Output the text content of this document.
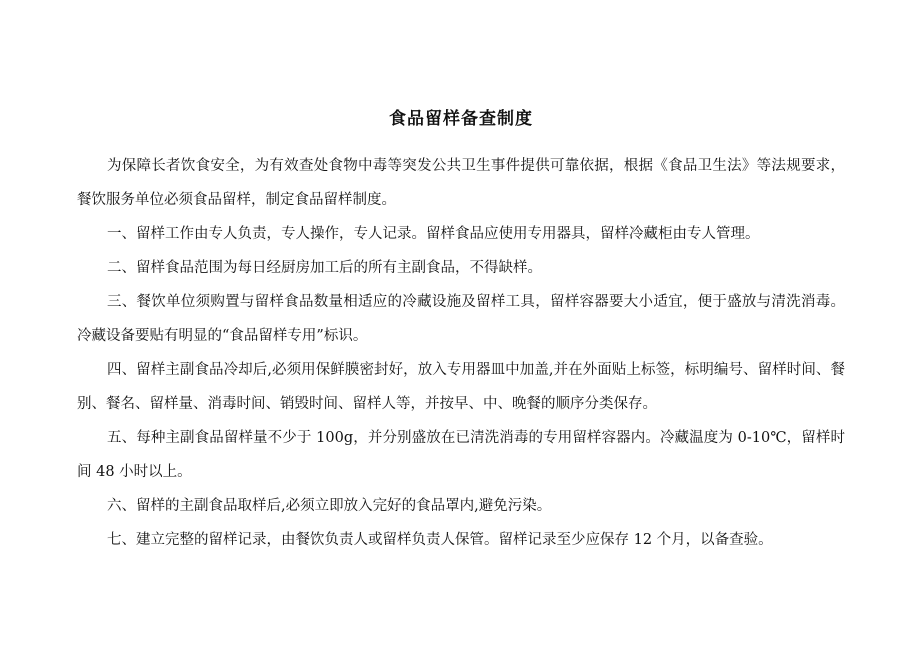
食品留样备查制度

为保障长者饮食安全，为有效查处食物中毒等突发公共卫生事件提供可靠依据，根据《食品卫生法》等法规要求，餐饮服务单位必须食品留样，制定食品留样制度。

一、留样工作由专人负责，专人操作，专人记录。留样食品应使用专用器具，留样冷藏柜由专人管理。

二、留样食品范围为每日经厨房加工后的所有主副食品，不得缺样。

三、餐饮单位须购置与留样食品数量相适应的冷藏设施及留样工具，留样容器要大小适宜，便于盛放与清洗消毒。冷藏设备要贴有明显的“食品留样专用”标识。

四、留样主副食品冷却后,必须用保鲜膜密封好，放入专用器皿中加盖,并在外面贴上标签，标明编号、留样时间、餐别、餐名、留样量、消毒时间、销毁时间、留样人等，并按早、中、晚餐的顺序分类保存。

五、每种主副食品留样量不少于 100g，并分别盛放在已清洗消毒的专用留样容器内。冷藏温度为 0-10℃，留样时间 48 小时以上。

六、留样的主副食品取样后,必须立即放入完好的食品罩内,避免污染。

七、建立完整的留样记录，由餐饮负责人或留样负责人保管。留样记录至少应保存 12 个月，以备查验。
